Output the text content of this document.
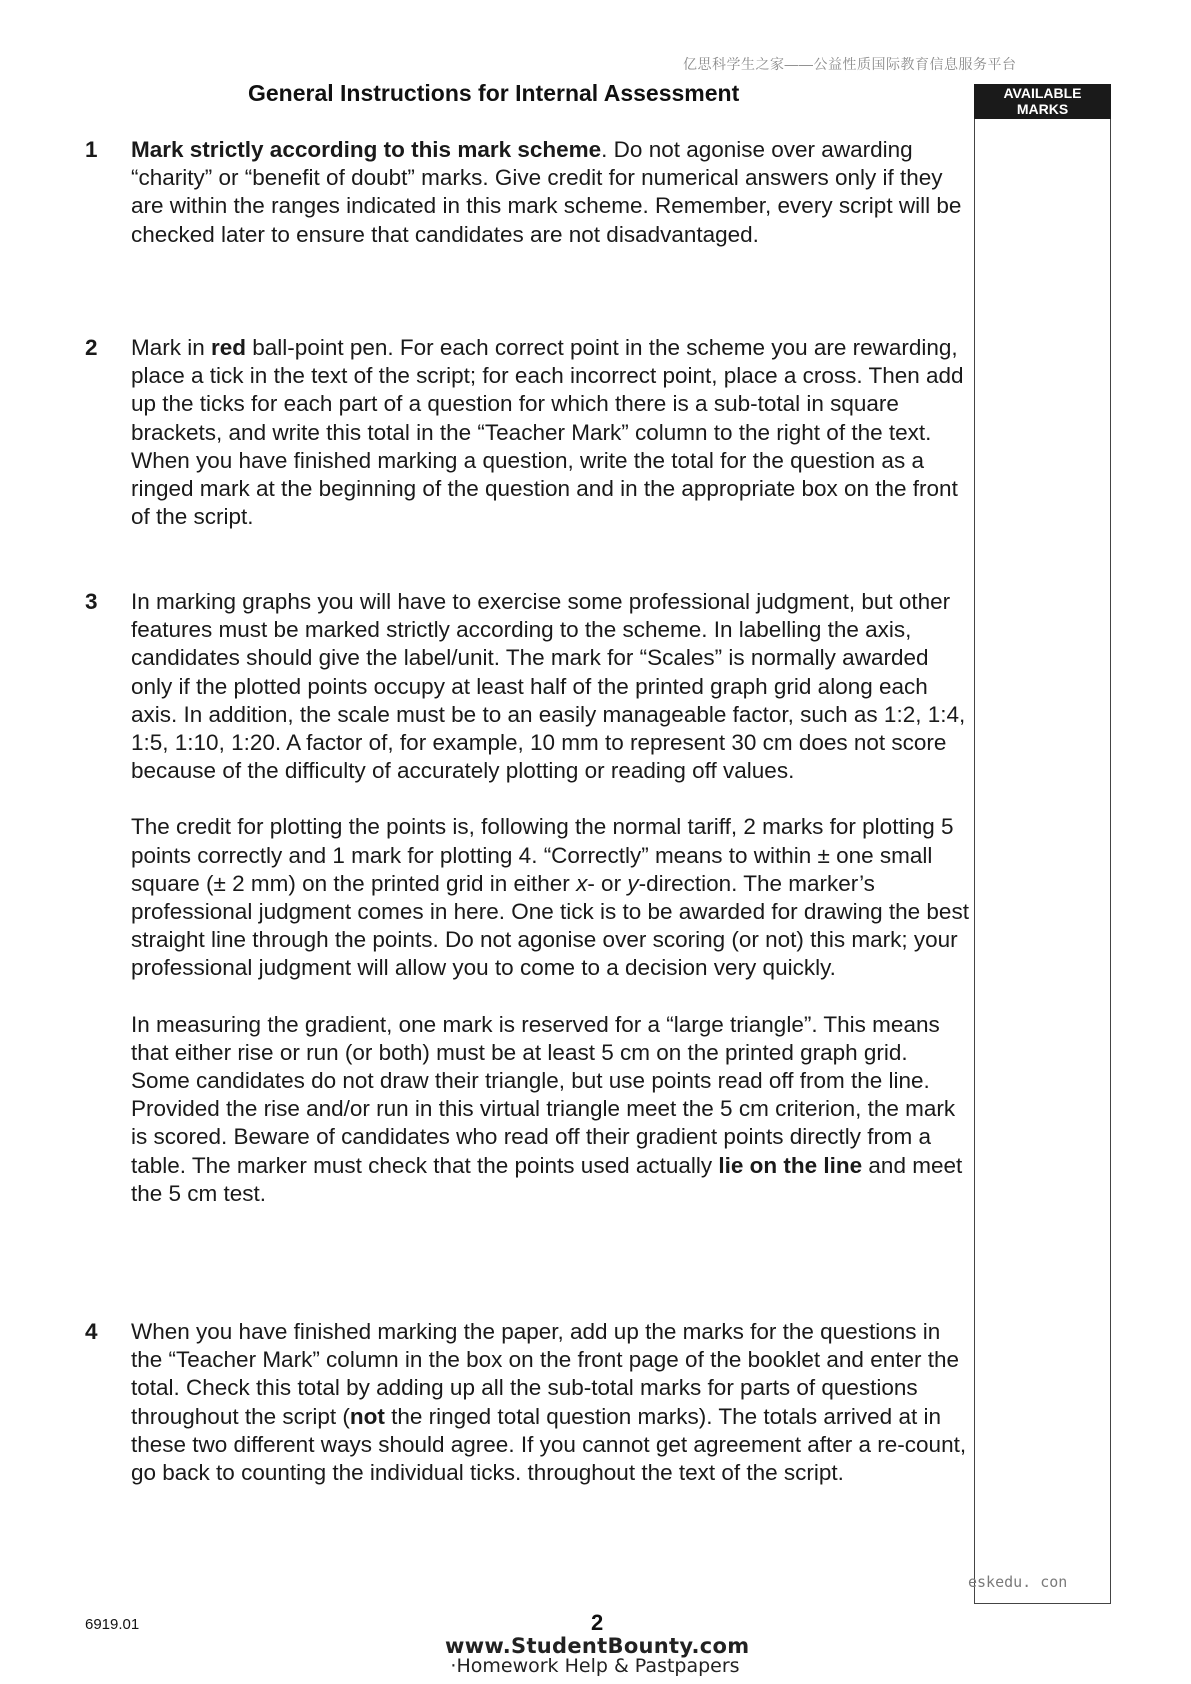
亿思科学生之家——公益性质国际教育信息服务平台
General Instructions for Internal Assessment	AVAILABLE
MARKS
1	Mark strictly according to this mark scheme. Do not agonise over awarding “charity” or “benefit of doubt” marks. Give credit for numerical answers only if they are within the ranges indicated in this mark scheme. Remember, every script will be checked later to ensure that candidates are not disadvantaged.

2	Mark in red ball-point pen. For each correct point in the scheme you are rewarding, place a tick in the text of the script; for each incorrect point, place a cross. Then add up the ticks for each part of a question for which there is a sub-total in square brackets, and write this total in the “Teacher Mark” column to the right of the text. When you have finished marking a question, write the total for the question as a ringed mark at the beginning of the question and in the appropriate box on the front of the script.

3	In marking graphs you will have to exercise some professional judgment, but other features must be marked strictly according to the scheme. In labelling the axis, candidates should give the label/unit. The mark for “Scales” is normally awarded only if the plotted points occupy at least half of the printed graph grid along each axis. In addition, the scale must be to an easily manageable factor, such as 1:2, 1:4, 1:5, 1:10, 1:20. A factor of, for example, 10 mm to represent 30 cm does not score because of the difficulty of accurately plotting or reading off values.

The credit for plotting the points is, following the normal tariff, 2 marks for plotting 5 points correctly and 1 mark for plotting 4. “Correctly” means to within ± one small square (± 2 mm) on the printed grid in either x- or y-direction. The marker’s professional judgment comes in here. One tick is to be awarded for drawing the best straight line through the points. Do not agonise over scoring (or not) this mark; your professional judgment will allow you to come to a decision very quickly.

In measuring the gradient, one mark is reserved for a “large triangle”. This means that either rise or run (or both) must be at least 5 cm on the printed graph grid. Some candidates do not draw their triangle, but use points read off from the line. Provided the rise and/or run in this virtual triangle meet the 5 cm criterion, the mark is scored. Beware of candidates who read off their gradient points directly from a table. The marker must check that the points used actually lie on the line and meet the 5 cm test.

4	When you have finished marking the paper, add up the marks for the questions in the “Teacher Mark” column in the box on the front page of the booklet and enter the total. Check this total by adding up all the sub-total marks for parts of questions throughout the script (not the ringed total question marks). The totals arrived at in these two different ways should agree. If you cannot get agreement after a re-count, go back to counting the individual ticks. throughout the text of the script.

eskedu. con
6919.01	2
www.StudentBounty.com
·Homework Help & Pastpapers
